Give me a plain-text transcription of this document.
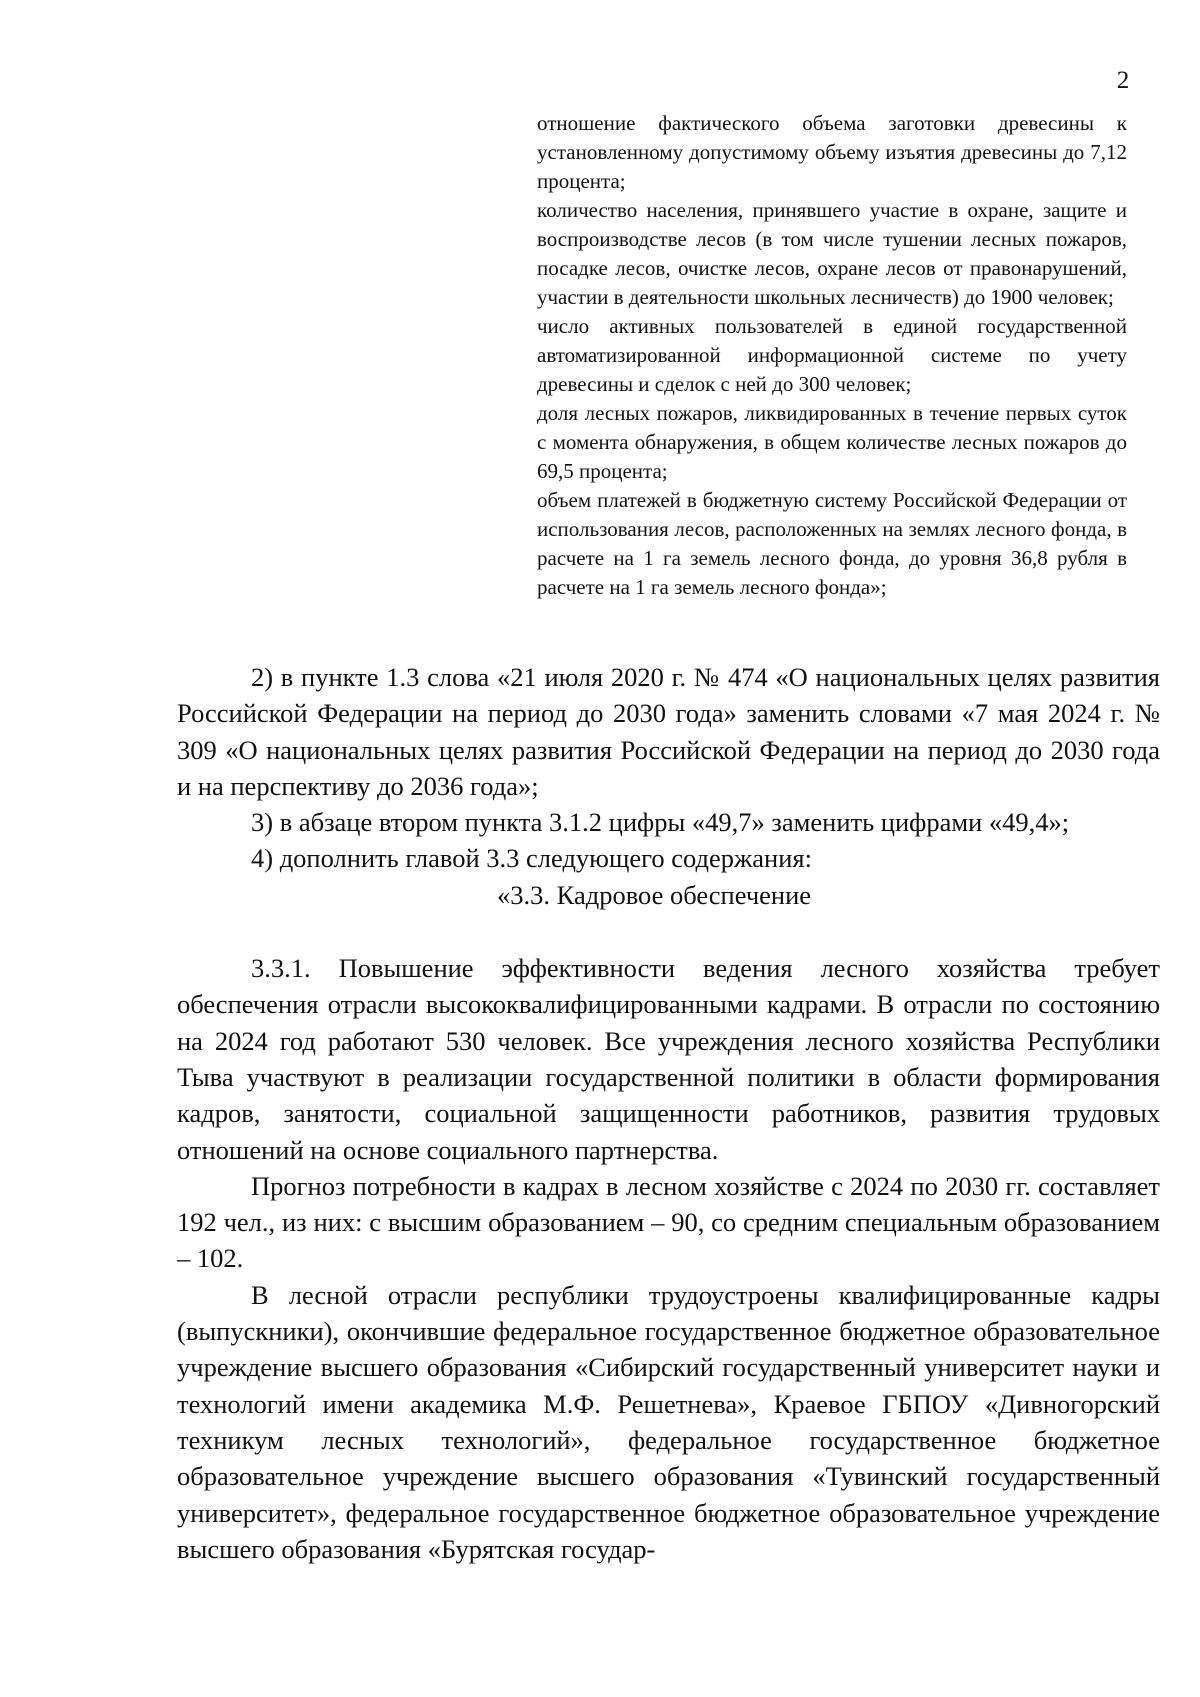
2

отношение фактического объема заготовки древесины к установленному допустимому объему изъятия древесины до 7,12 процента;

количество населения, принявшего участие в охране, защите и воспроизводстве лесов (в том числе тушении лесных пожаров, посадке лесов, очистке лесов, охране лесов от правонарушений, участии в деятельности школьных лесничеств) до 1900 человек;

число активных пользователей в единой государственной автоматизированной информационной системе по учету древесины и сделок с ней до 300 человек;

доля лесных пожаров, ликвидированных в течение первых суток с момента обнаружения, в общем количестве лесных пожаров до 69,5 процента;

объем платежей в бюджетную систему Российской Федерации от использования лесов, расположенных на землях лесного фонда, в расчете на 1 га земель лесного фонда, до уровня 36,8 рубля в расчете на 1 га земель лесного фонда»;

2) в пункте 1.3 слова «21 июля 2020 г. № 474 «О национальных целях развития Российской Федерации на период до 2030 года» заменить словами «7 мая 2024 г. № 309 «О национальных целях развития Российской Федерации на период до 2030 года и на перспективу до 2036 года»;

3) в абзаце втором пункта 3.1.2 цифры «49,7» заменить цифрами «49,4»;

4) дополнить главой 3.3 следующего содержания:

«3.3. Кадровое обеспечение

3.3.1. Повышение эффективности ведения лесного хозяйства требует обеспечения отрасли высококвалифицированными кадрами. В отрасли по состоянию на 2024 год работают 530 человек. Все учреждения лесного хозяйства Республики Тыва участвуют в реализации государственной политики в области формирования кадров, занятости, социальной защищенности работников, развития трудовых отношений на основе социального партнерства.

Прогноз потребности в кадрах в лесном хозяйстве с 2024 по 2030 гг. составляет 192 чел., из них: с высшим образованием – 90, со средним специальным образованием – 102.

В лесной отрасли республики трудоустроены квалифицированные кадры (выпускники), окончившие федеральное государственное бюджетное образовательное учреждение высшего образования «Сибирский государственный университет науки и технологий имени академика М.Ф. Решетнева», Краевое ГБПОУ «Дивногорский техникум лесных технологий», федеральное государственное бюджетное образовательное учреждение высшего образования «Тувинский государственный университет», федеральное государственное бюджетное образовательное учреждение высшего образования «Бурятская государ-
